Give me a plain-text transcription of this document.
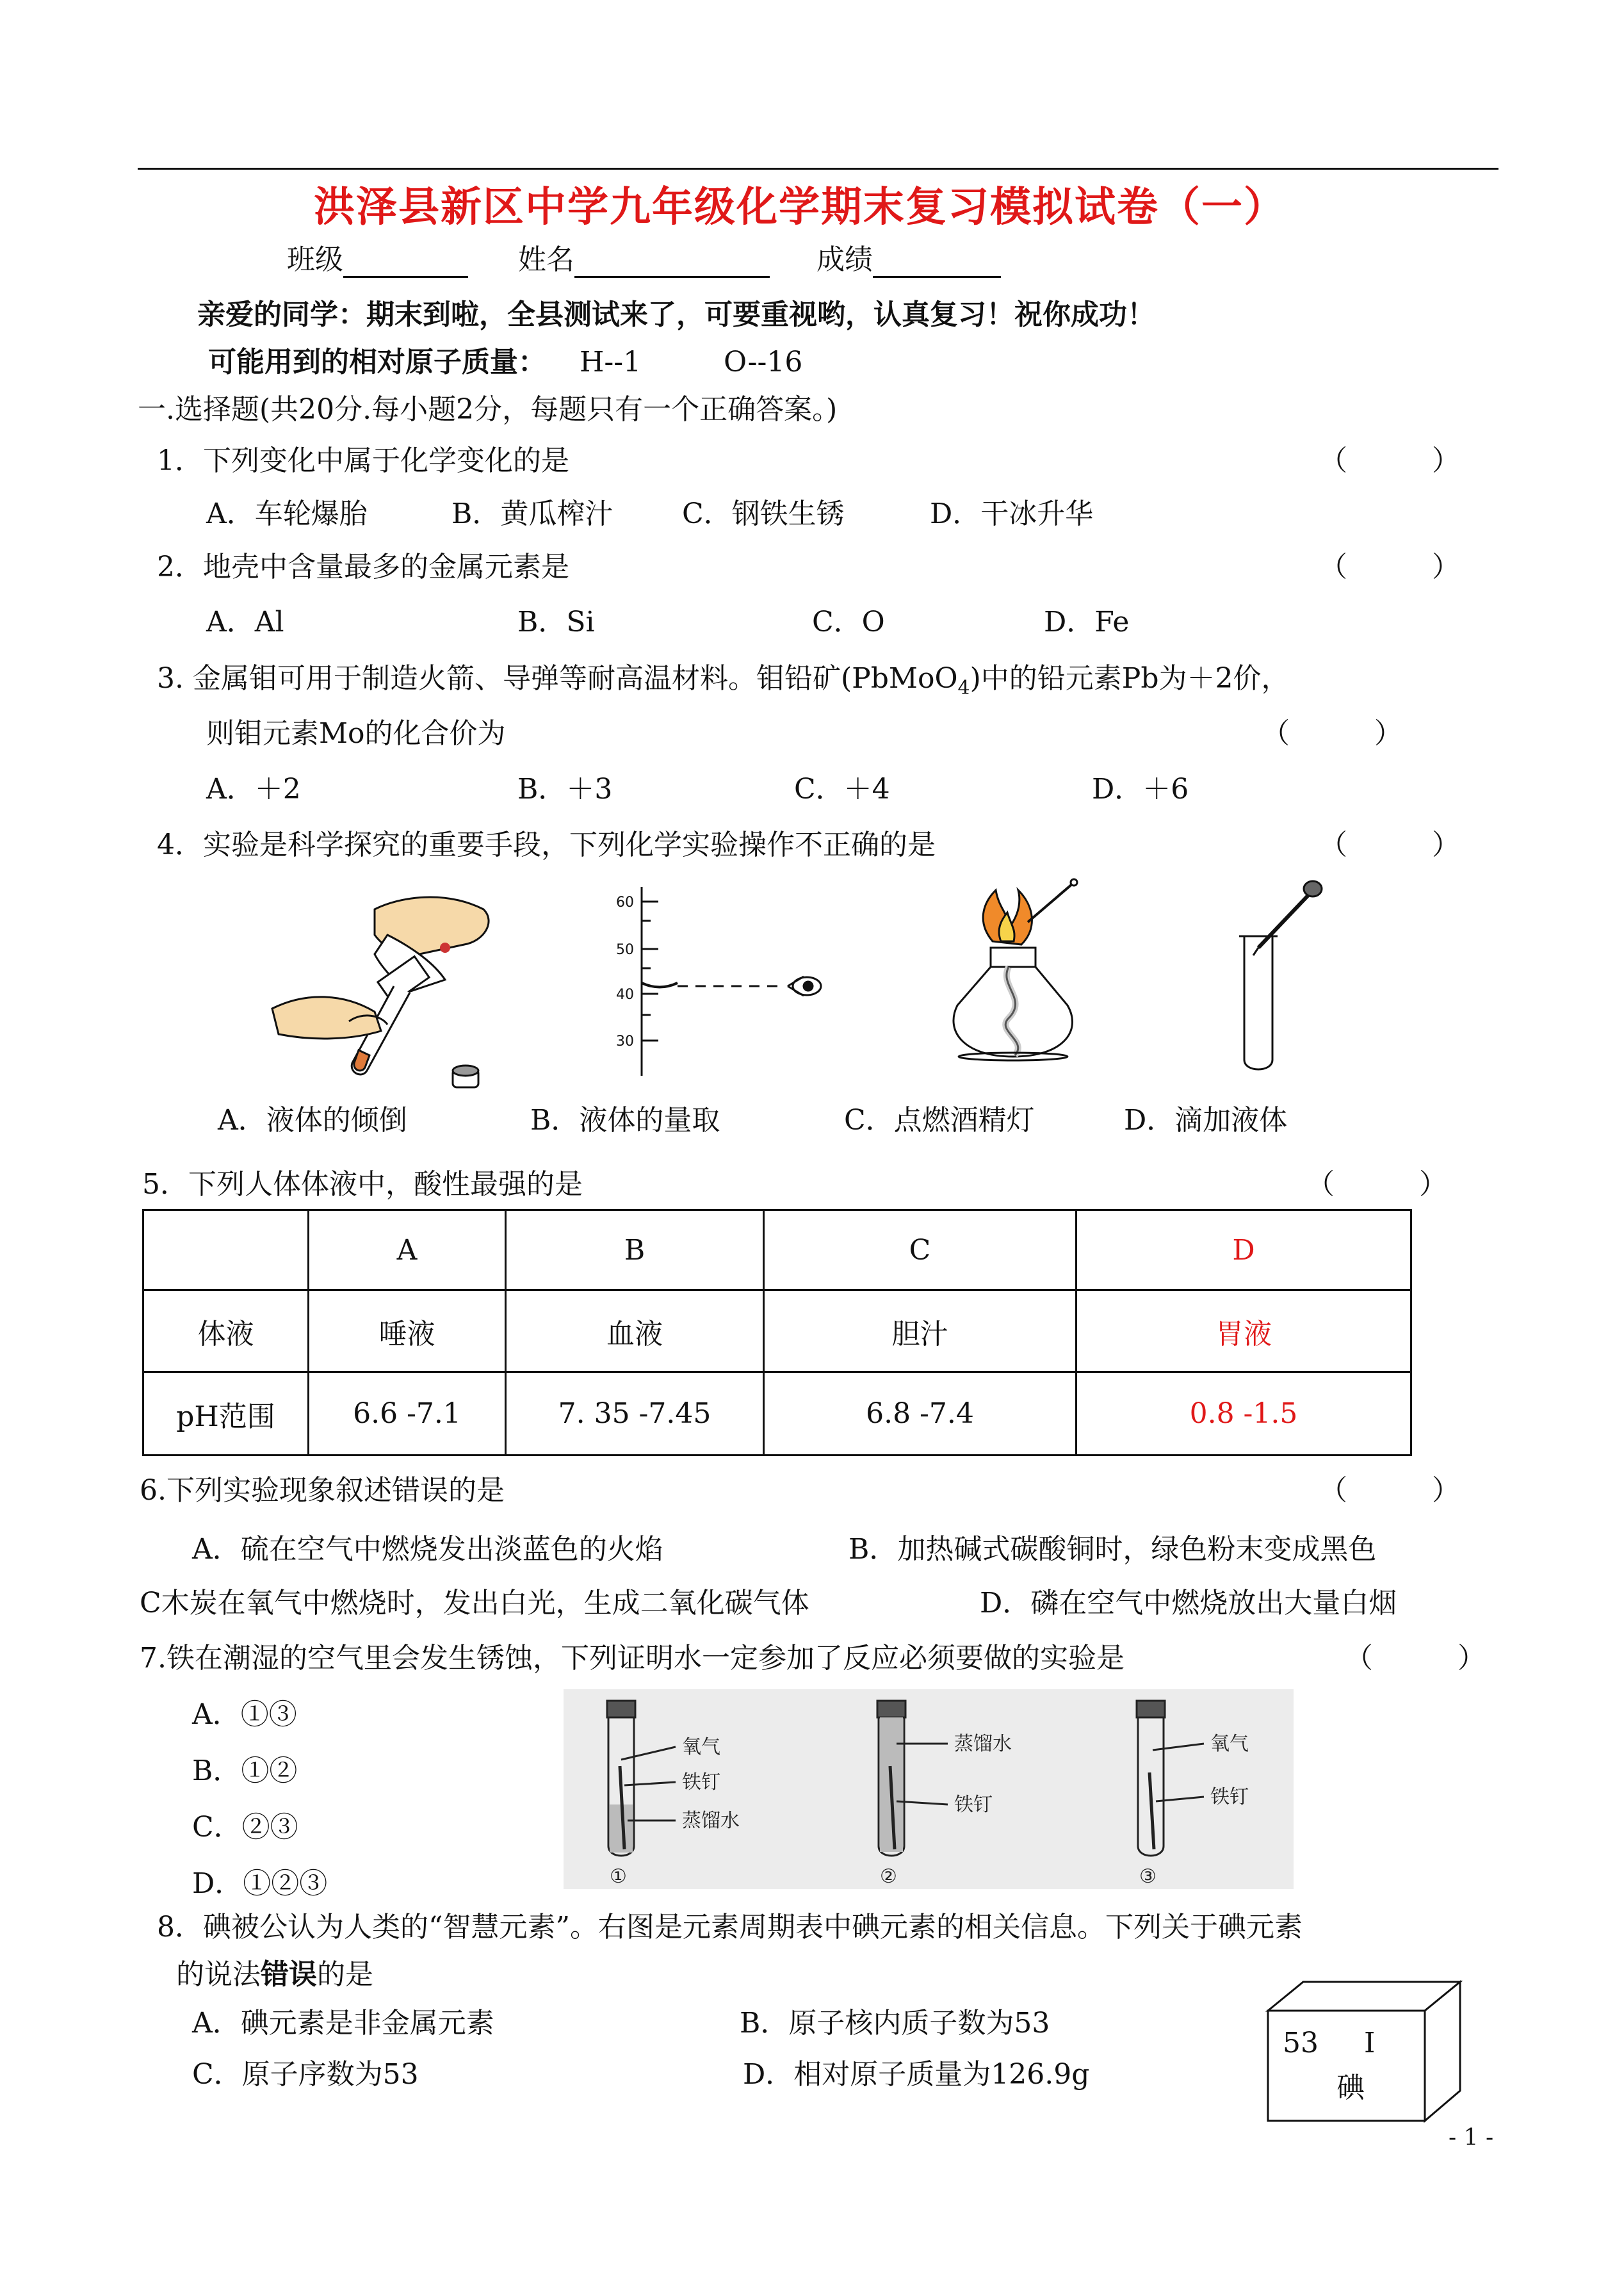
洪泽县新区中学九年级化学期末复习模拟试卷（一）
班级	姓名	成绩
亲爱的同学：期末到啦，全县测试来了，可要重视哟，认真复习！祝你成功！
可能用到的相对原子质量： H--1	O--16
一.选择题(共20分.每小题2分，每题只有一个正确答案。)
1．下列变化中属于化学变化的是	（　　　）
A．车轮爆胎	B．黄瓜榨汁 C．钢铁生锈	D．干冰升华
2．地壳中含量最多的金属元素是	（　　　）
A．Al	B．Si	C．O	D．Fe
3. 金属钼可用于制造火箭、导弹等耐高温材料。钼铅矿(PbMoO$_4$)中的铅元素Pb为＋2价，
则钼元素Mo的化合价为	（　　　）
A．＋2	B．＋3	C．＋4	D．＋6
4．实验是科学探究的重要手段，下列化学实验操作不正确的是	（　　　）
60
50
40
30
A．液体的倾倒	B．液体的量取	C．点燃酒精灯	D．滴加液体
5．下列人体体液中，酸性最强的是	（　　　）
	A	B	C	D
体液	唾液	血液	胆汁	胃液
pH范围	6.6 -7.1	7. 35 -7.45	6.8 -7.4	0.8 -1.5
6.下列实验现象叙述错误的是	（　　　）
A．硫在空气中燃烧发出淡蓝色的火焰	B．加热碱式碳酸铜时，绿色粉末变成黑色
C木炭在氧气中燃烧时，发出白光，生成二氧化碳气体	D．磷在空气中燃烧放出大量白烟
7.铁在潮湿的空气里会发生锈蚀，下列证明水一定参加了反应必须要做的实验是	（　　　）
A．①③
B．①②
C．②③
D．①②③
氧气
铁钉
蒸馏水
蒸馏水
铁钉
氧气
铁钉
①	②	③
8．碘被公认为人类的“智慧元素”。右图是元素周期表中碘元素的相关信息。下列关于碘元素
的说法错误的是
A．碘元素是非金属元素	B．原子核内质子数为53
C．原子序数为53	D．相对原子质量为126.9g
53 I
碘
- 1 -
